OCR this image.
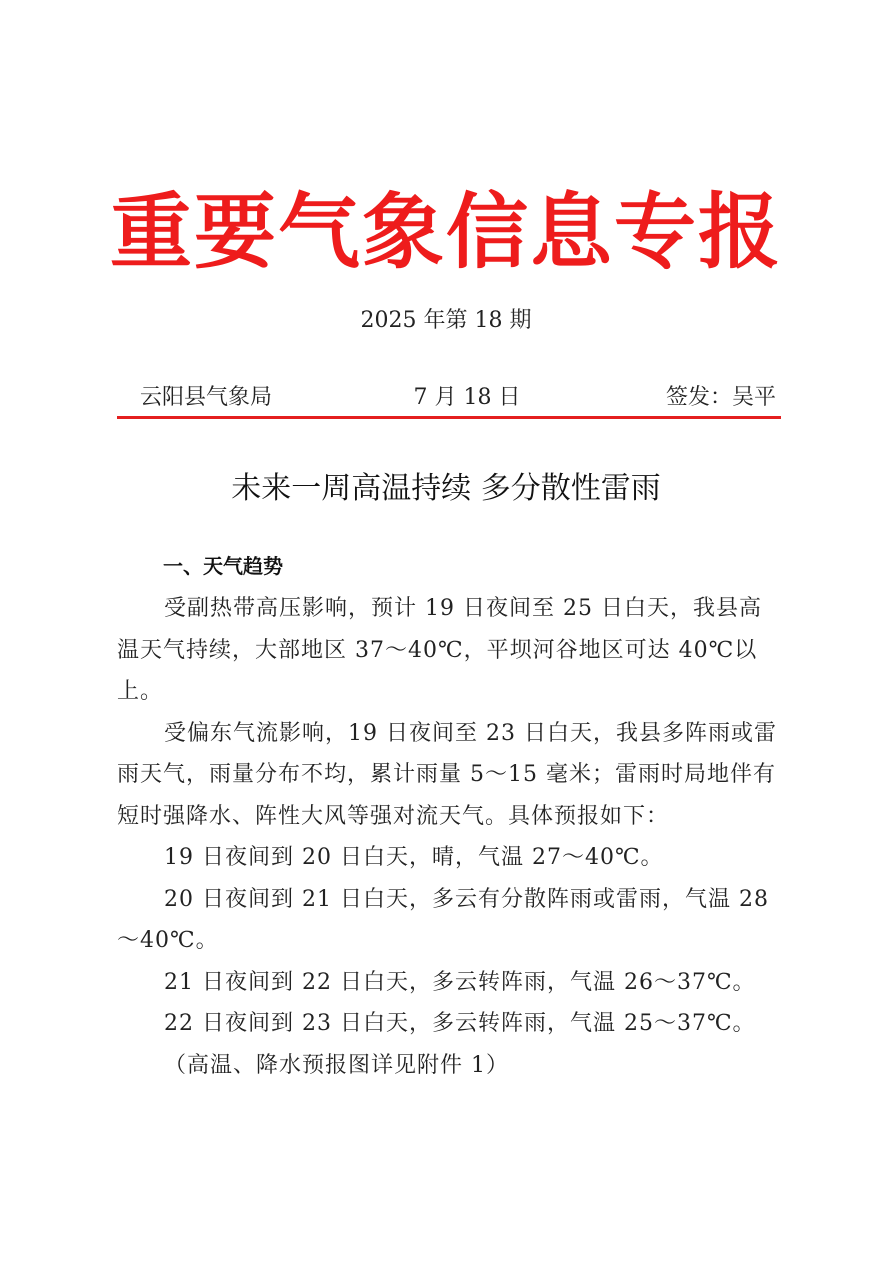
重要气象信息专报
2025 年第 18 期
云阳县气象局	7 月 18 日	签发：吴平
未来一周高温持续 多分散性雷雨
一、天气趋势

受副热带高压影响，预计 19 日夜间至 25 日白天，我县高温天气持续，大部地区 37～40℃，平坝河谷地区可达 40℃以上。

受偏东气流影响，19 日夜间至 23 日白天，我县多阵雨或雷雨天气，雨量分布不均，累计雨量 5～15 毫米；雷雨时局地伴有短时强降水、阵性大风等强对流天气。具体预报如下：

19 日夜间到 20 日白天，晴，气温 27～40℃。

20 日夜间到 21 日白天，多云有分散阵雨或雷雨，气温 28～40℃。

21 日夜间到 22 日白天，多云转阵雨，气温 26～37℃。

22 日夜间到 23 日白天，多云转阵雨，气温 25～37℃。

（高温、降水预报图详见附件 1）
